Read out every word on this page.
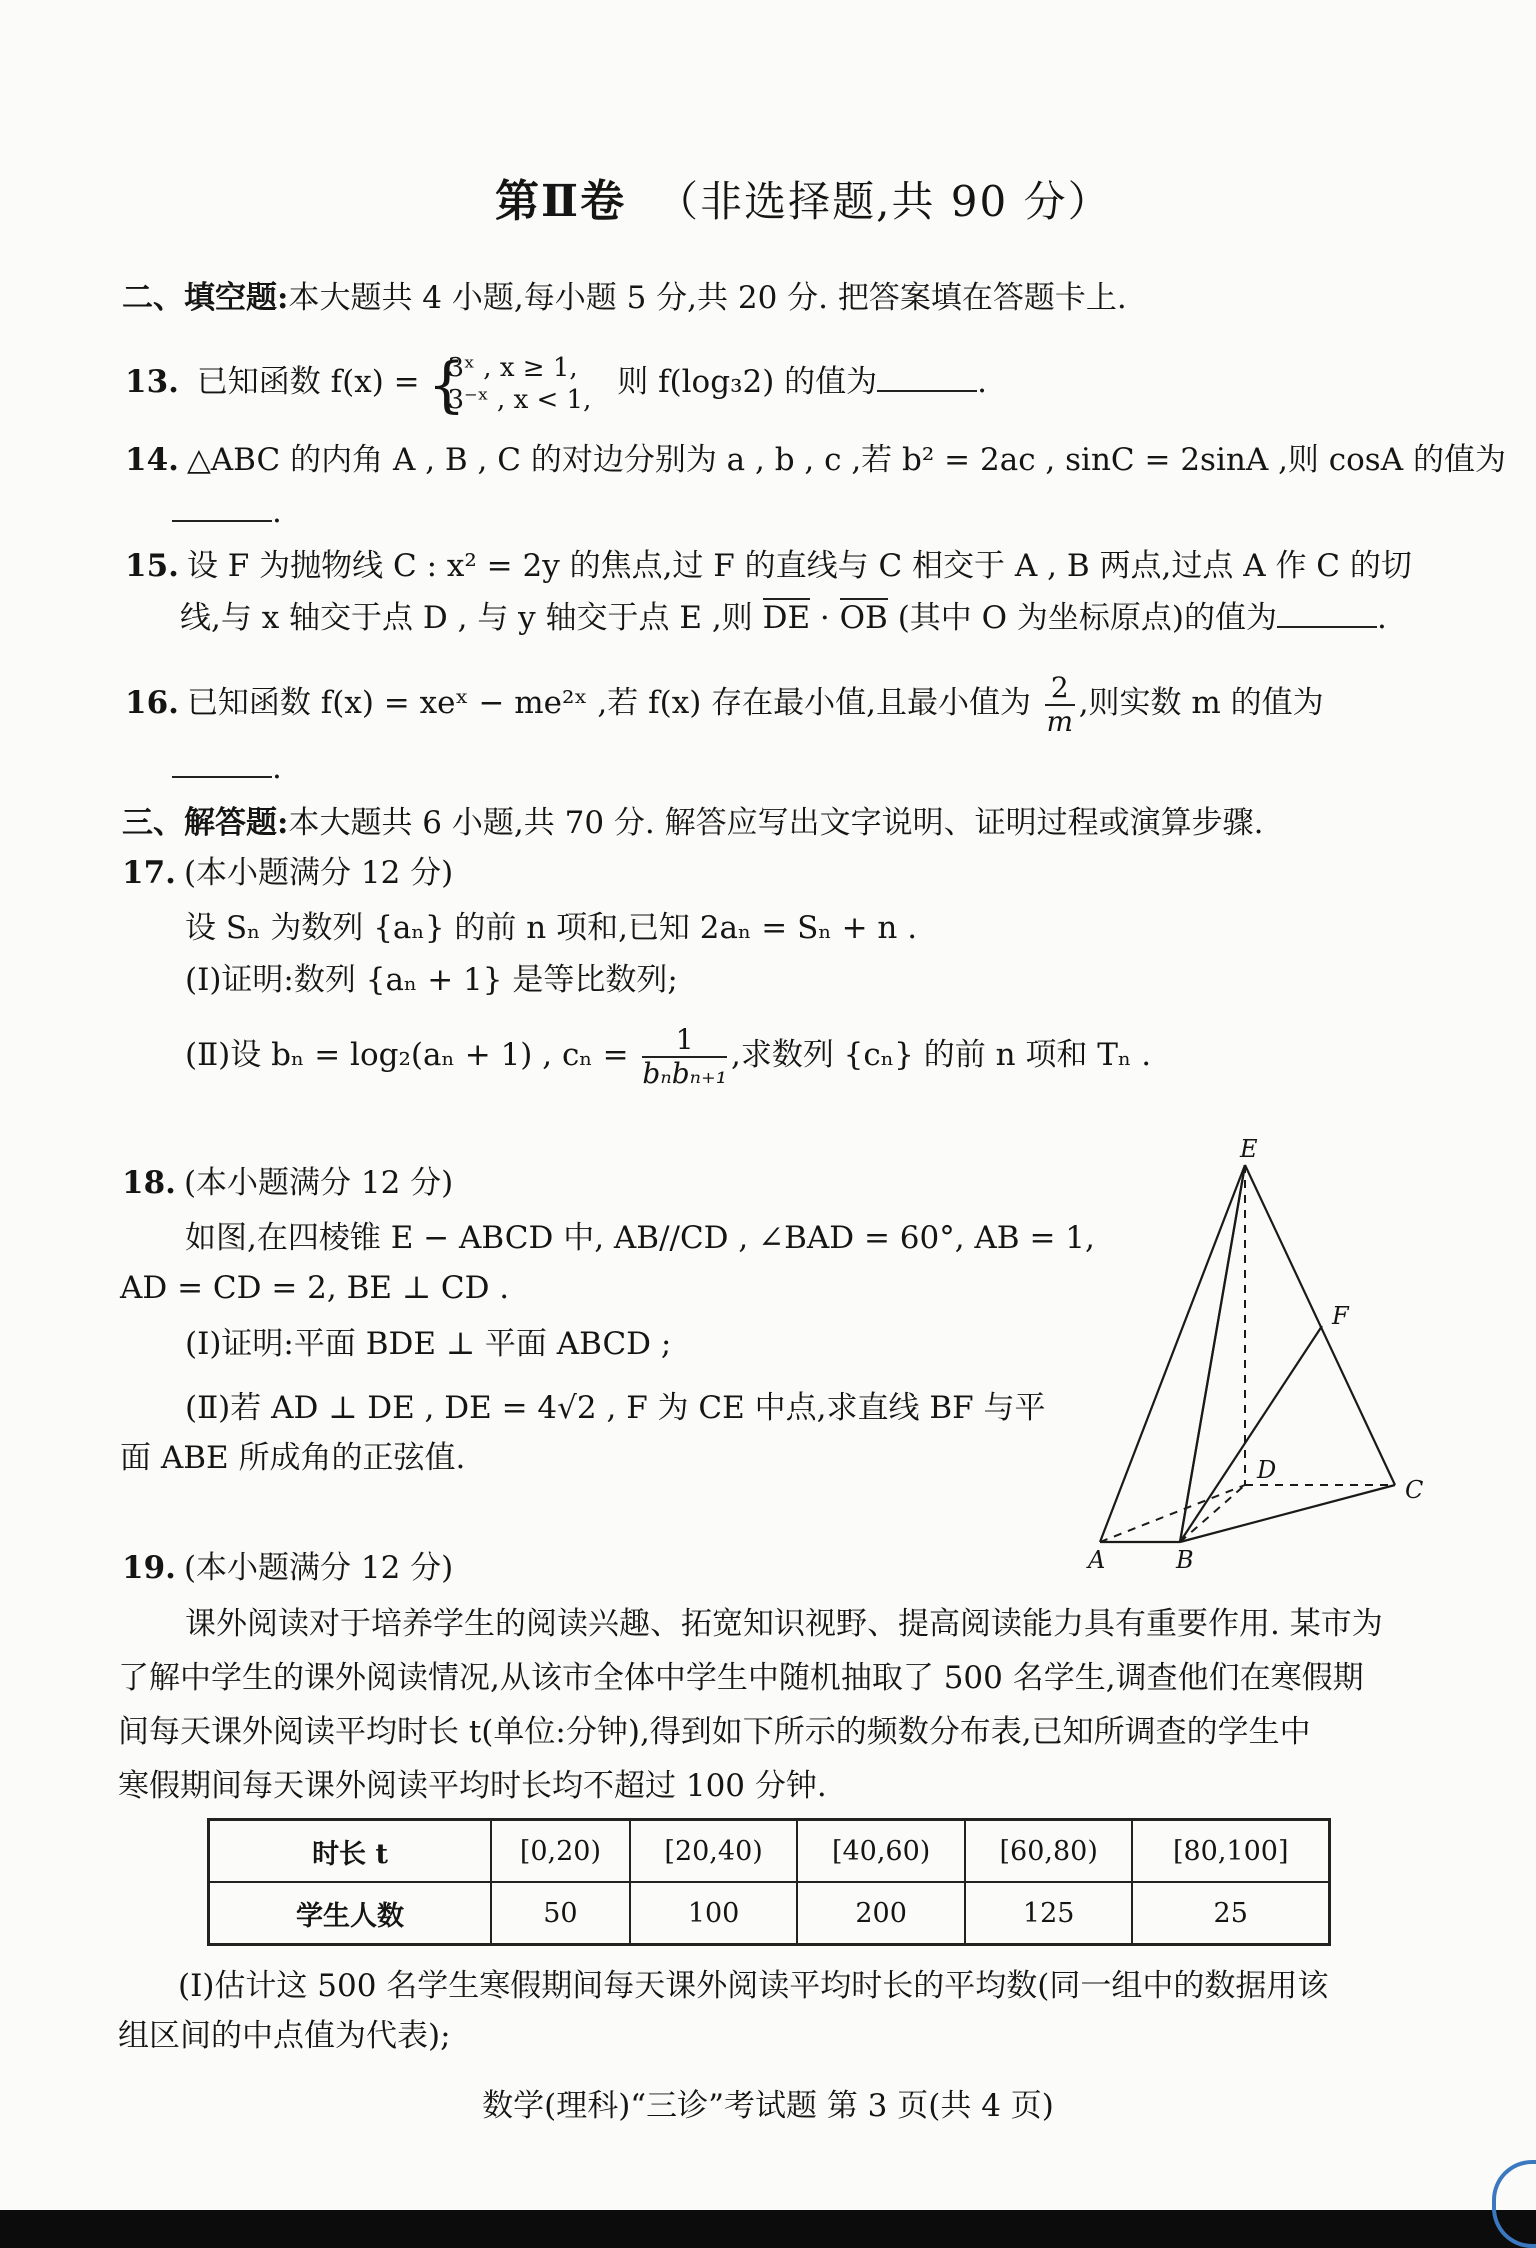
第Ⅱ卷 （非选择题,共 90 分）
二、填空题:本大题共 4 小题,每小题 5 分,共 20 分. 把答案填在答题卡上.
13. 已知函数 f(x) = { 3ˣ , x ≥ 1,
3⁻ˣ , x < 1, 则 f(log₃2) 的值为	.
14. △ABC 的内角 A , B , C 的对边分别为 a , b , c ,若 b² = 2ac , sinC = 2sinA ,则 cosA 的值为
.
15. 设 F 为抛物线 C : x² = 2y 的焦点,过 F 的直线与 C 相交于 A , B 两点,过点 A 作 C 的切
线,与 x 轴交于点 D , 与 y 轴交于点 E ,则 DE · OB (其中 O 为坐标原点)的值为	.
16. 已知函数 f(x) = xeˣ − me²ˣ ,若 f(x) 存在最小值,且最小值为 $\frac{2}{m}$ ,则实数 m 的值为
.
三、解答题:本大题共 6 小题,共 70 分. 解答应写出文字说明、证明过程或演算步骤.
17. (本小题满分 12 分)
设 Sₙ 为数列 {aₙ} 的前 n 项和,已知 2aₙ = Sₙ + n .
(Ⅰ)证明:数列 {aₙ + 1} 是等比数列;
(Ⅱ)设 bₙ = log₂(aₙ + 1) , $c_n = \frac{1}{\text{bₙbₙ₊₁}}$ ,求数列 {cₙ} 的前 n 项和 Tₙ .
18. (本小题满分 12 分)
如图,在四棱锥 E − ABCD 中, AB//CD , ∠BAD = 60°, AB = 1,
AD = CD = 2, BE ⊥ CD .
(Ⅰ)证明:平面 BDE ⊥ 平面 ABCD ;
(Ⅱ)若 AD ⊥ DE , DE = 4√2 , F 为 CE 中点,求直线 BF 与平
面 ABE 所成角的正弦值.
E
F
D
C
A	B
19. (本小题满分 12 分)
课外阅读对于培养学生的阅读兴趣、拓宽知识视野、提高阅读能力具有重要作用. 某市为
了解中学生的课外阅读情况,从该市全体中学生中随机抽取了 500 名学生,调查他们在寒假期
间每天课外阅读平均时长 t(单位:分钟),得到如下所示的频数分布表,已知所调查的学生中
寒假期间每天课外阅读平均时长均不超过 100 分钟.
时长 t	[0,20)	[20,40)	[40,60)	[60,80)	[80,100]
学生人数	50	100	200	125	25
(Ⅰ)估计这 500 名学生寒假期间每天课外阅读平均时长的平均数(同一组中的数据用该
组区间的中点值为代表);
数学(理科)“三诊”考试题 第 3 页(共 4 页)
